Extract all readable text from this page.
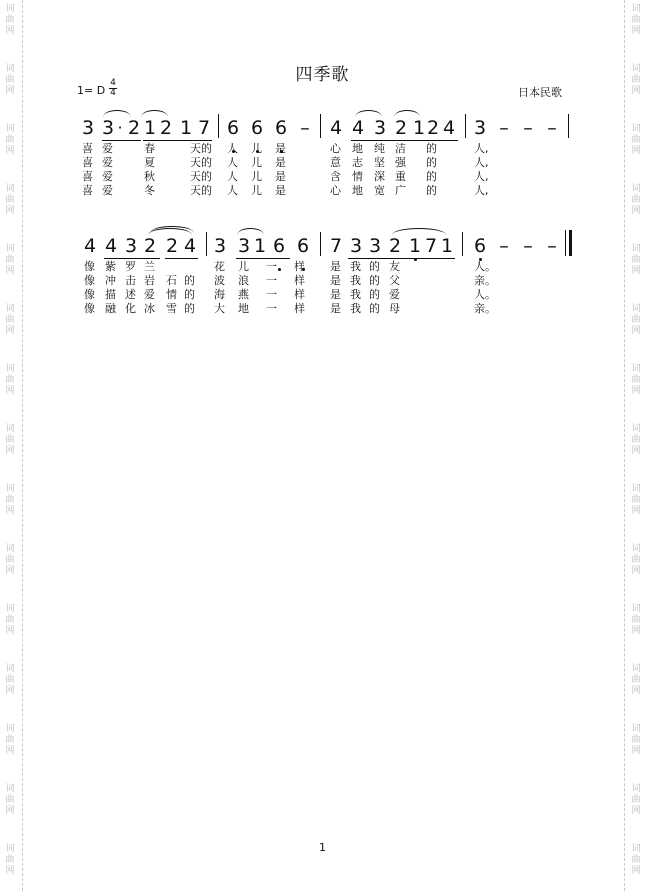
词
曲
网
词
曲
网
词
曲
网
词
曲
网
词
曲
网
词
曲
网
词
曲
网
词
曲
网
词
曲
网
词
曲
网
词
曲
网
词
曲
网
词
曲
网
词
曲
网
词
曲
网
词
曲
网
词
曲
网
词
曲
网
词
曲
网
词
曲
网
词
曲
网
词
曲
网
词
曲
网
词
曲
网
词
曲
网
词
曲
网
词
曲
网
词
曲
网
词
曲
网
词
曲
网
四季歌
1= D
4
4	日本民歌
3 3 · 2 1 2 1 7 6 6 6 – 4 4 3 2 1 2 4 3 – – –
喜 爱	春	天的 人 儿 是	心 地 纯 洁 的	人,
喜 爱	夏	天的 人 儿 是	意 志 坚 强 的	人,
喜 爱	秋	天的 人 儿 是	含 情 深 重 的	人,
喜 爱	冬	天的 人 儿 是	心 地 宽 广 的	人,
4 4 3 2 2 4 3 3 1 6 6 7 3 3 2 1 7 1 6 – – –
像 紫 罗 兰	花 儿 一 样 是 我 的 友	人。
像 冲 击 岩 石 的 波 浪 一 样 是 我 的 父	亲。
像 描 述 爱 情 的 海 燕 一 样 是 我 的 爱	人。
像 融 化 冰 雪 的 大 地 一 样 是 我 的 母	亲。
1
